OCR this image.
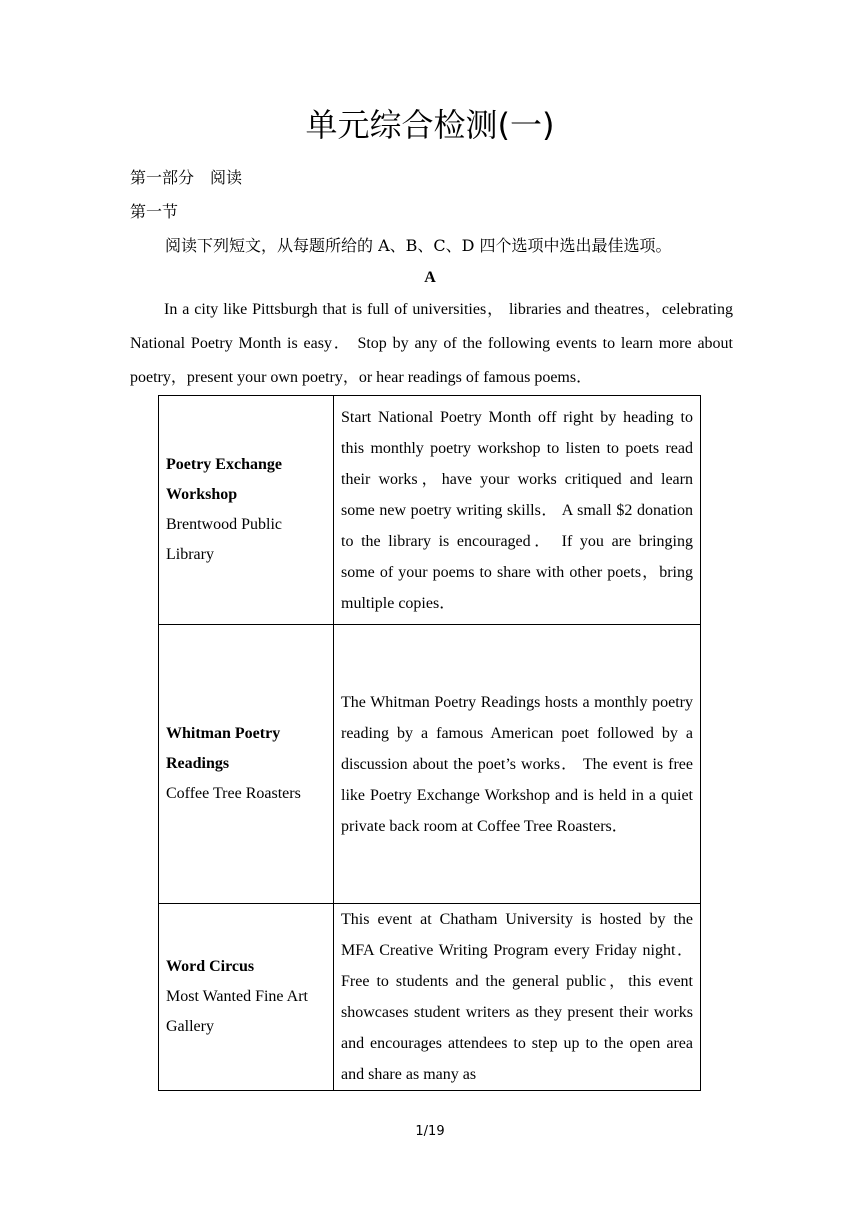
单元综合检测(一)
第一部分　阅读
第一节
阅读下列短文，从每题所给的 A、B、C、D 四个选项中选出最佳选项。
A

In a city like Pittsburgh that is full of universities， libraries and theatres，celebrating National Poetry Month is easy． Stop by any of the following events to learn more about poetry，present your own poetry，or hear readings of famous poems．

Poetry Exchange Workshop
Brentwood Public Library	Start National Poetry Month off right by heading to this monthly poetry workshop to listen to poets read their works，have your works critiqued and learn some new poetry writing skills． A small $2 donation to the library is encouraged． If you are bringing some of your poems to share with other poets，bring multiple copies．

Whitman Poetry Readings
Coffee Tree Roasters	The Whitman Poetry Readings hosts a monthly poetry reading by a famous American poet followed by a discussion about the poet’s works． The event is free like Poetry Exchange Workshop and is held in a quiet private back room at Coffee Tree Roasters．

Word Circus
Most Wanted Fine Art Gallery	This event at Chatham University is hosted by the MFA Creative Writing Program every Friday night． Free to students and the general public，this event showcases student writers as they present their works and encourages attendees to step up to the open area and share as many as
1/19
